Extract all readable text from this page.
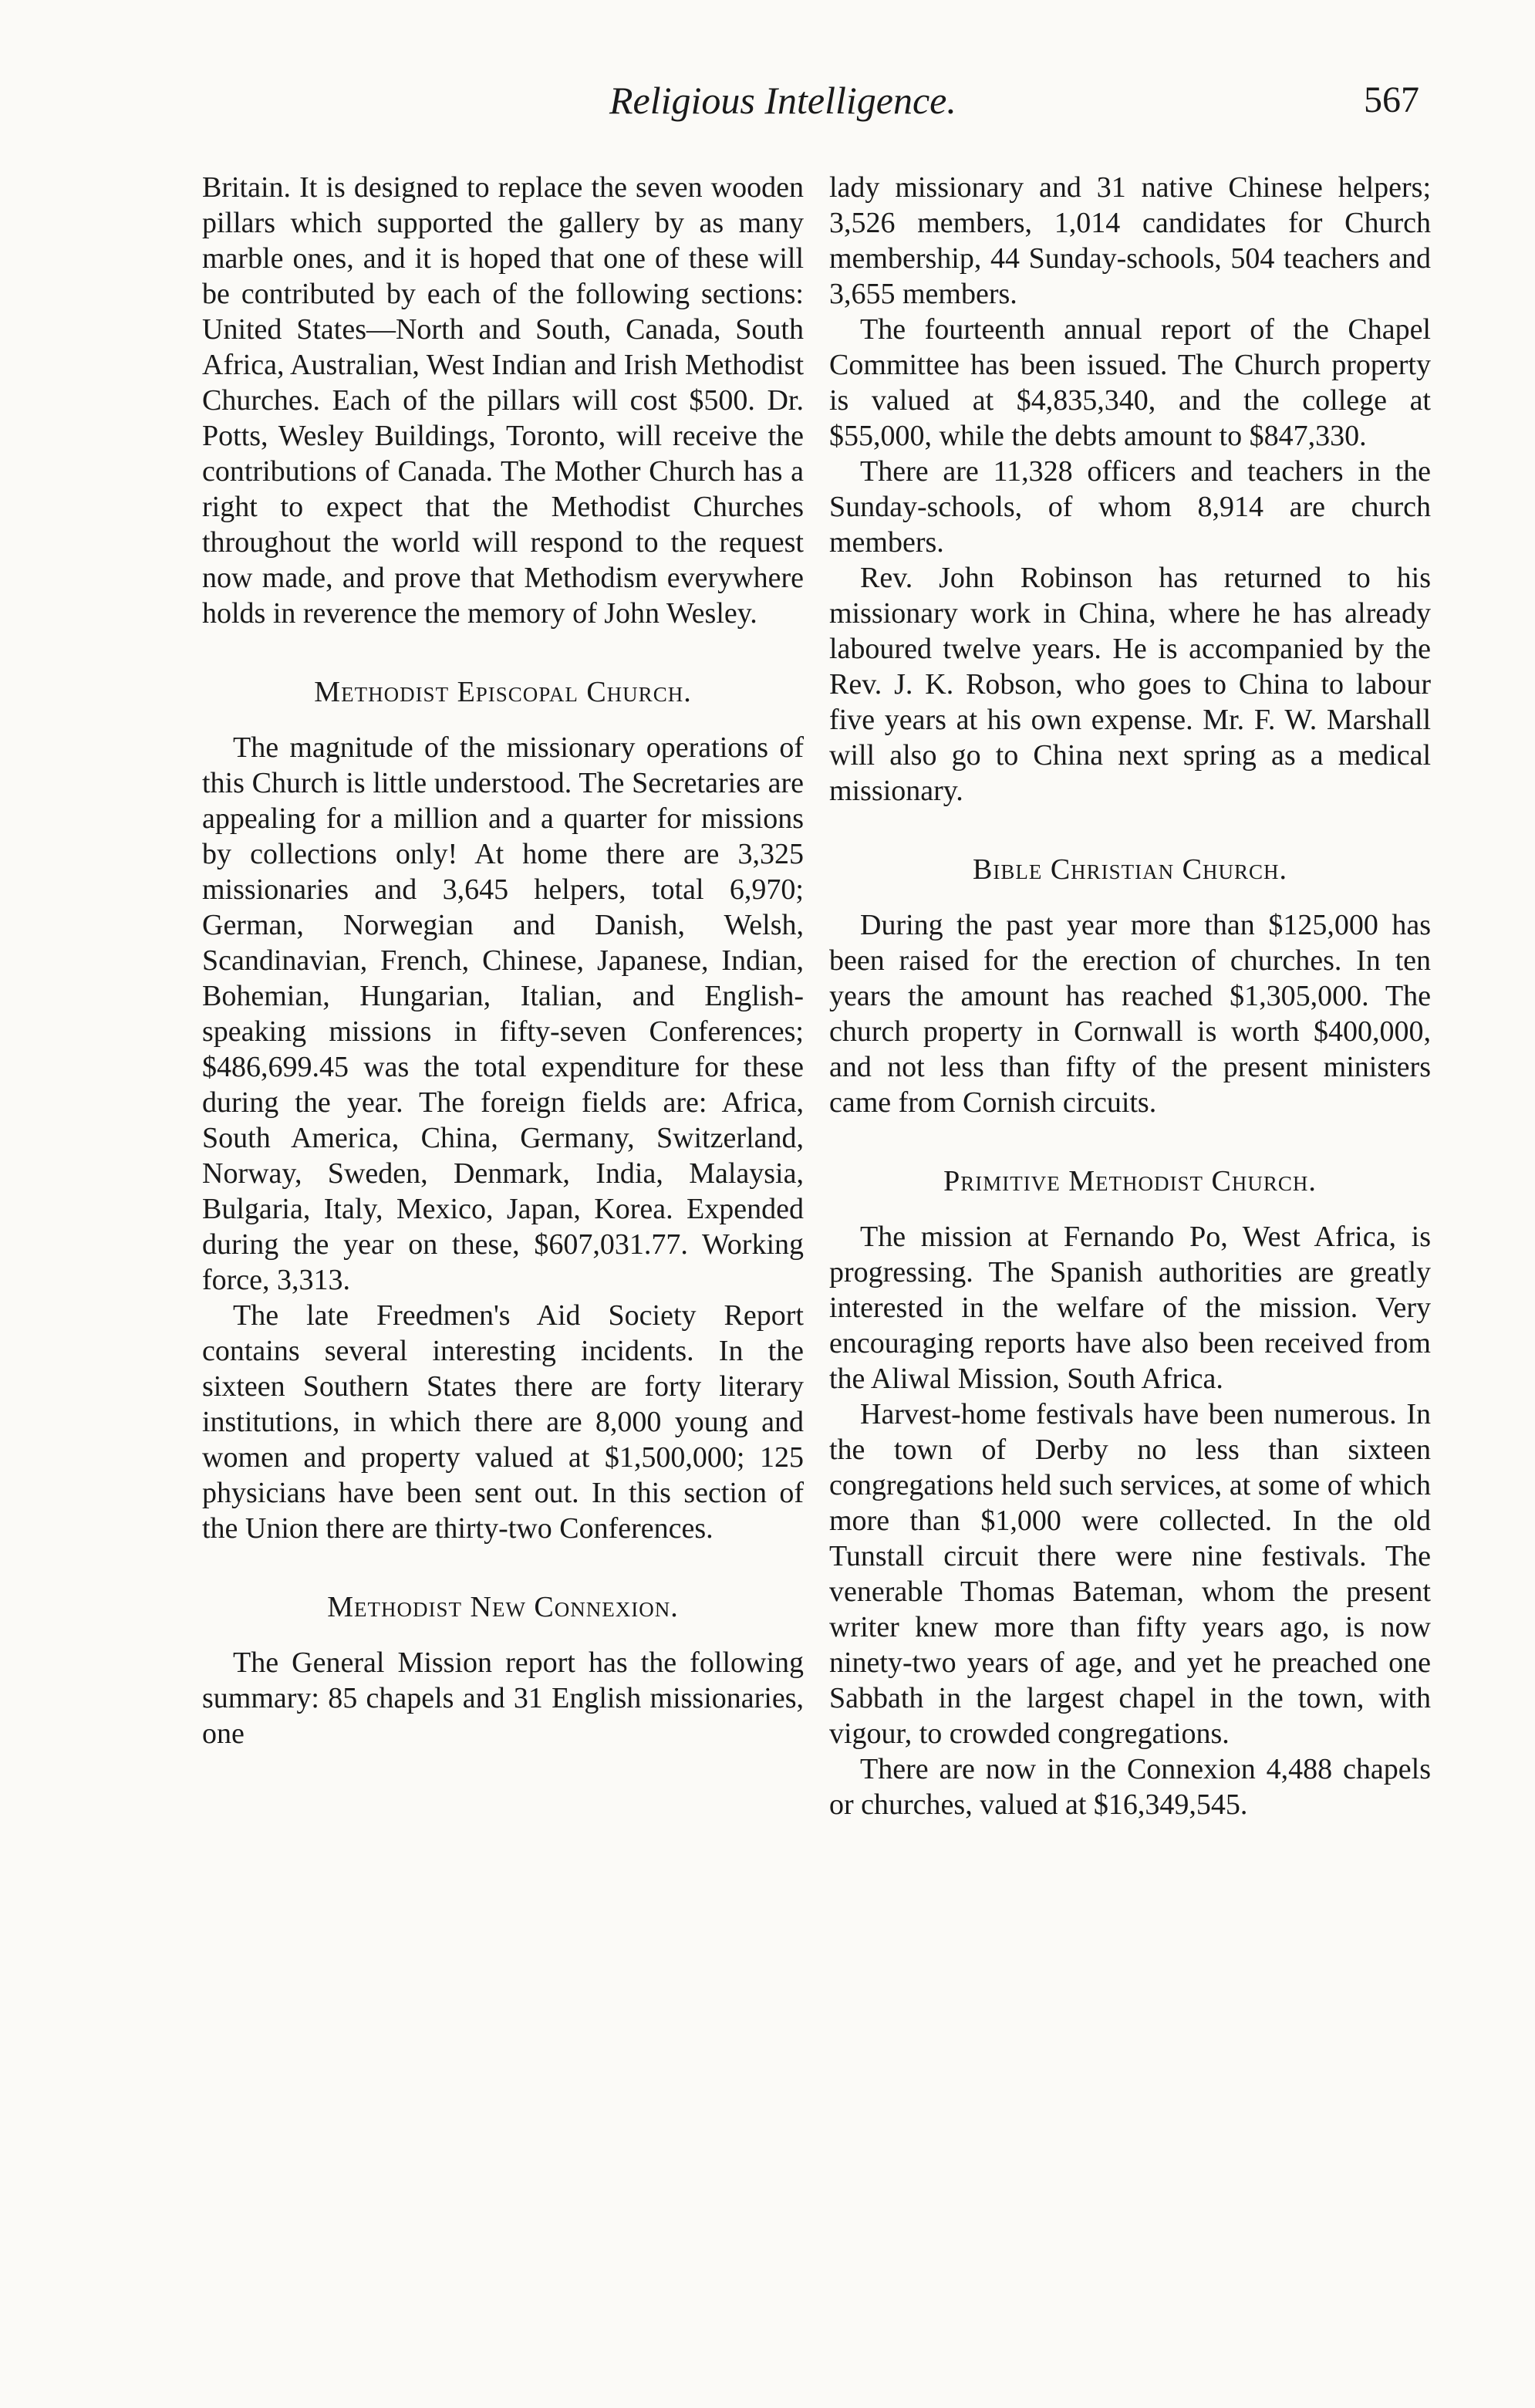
Religious Intelligence.	567

Britain. It is designed to replace the seven wooden pillars which supported the gallery by as many marble ones, and it is hoped that one of these will be contributed by each of the following sections: United States—North and South, Canada, South Africa, Australian, West Indian and Irish Methodist Churches. Each of the pillars will cost $500. Dr. Potts, Wesley Buildings, Toronto, will receive the contributions of Canada. The Mother Church has a right to expect that the Methodist Churches throughout the world will respond to the request now made, and prove that Methodism everywhere holds in reverence the memory of John Wesley.

Methodist Episcopal Church.

The magnitude of the missionary operations of this Church is little understood. The Secretaries are appealing for a million and a quarter for missions by collections only! At home there are 3,325 missionaries and 3,645 helpers, total 6,970; German, Norwegian and Danish, Welsh, Scandinavian, French, Chinese, Japanese, Indian, Bohemian, Hungarian, Italian, and English-speaking missions in fifty-seven Conferences; $486,699.45 was the total expenditure for these during the year. The foreign fields are: Africa, South America, China, Germany, Switzerland, Norway, Sweden, Denmark, India, Malaysia, Bulgaria, Italy, Mexico, Japan, Korea. Expended during the year on these, $607,031.77. Working force, 3,313.

The late Freedmen's Aid Society Report contains several interesting incidents. In the sixteen Southern States there are forty literary institutions, in which there are 8,000 young and women and property valued at $1,500,000; 125 physicians have been sent out. In this section of the Union there are thirty-two Conferences.

Methodist New Connexion.

The General Mission report has the following summary: 85 chapels and 31 English missionaries, one

lady missionary and 31 native Chinese helpers; 3,526 members, 1,014 candidates for Church membership, 44 Sunday-schools, 504 teachers and 3,655 members.

The fourteenth annual report of the Chapel Committee has been issued. The Church property is valued at $4,835,340, and the college at $55,000, while the debts amount to $847,330.

There are 11,328 officers and teachers in the Sunday-schools, of whom 8,914 are church members.

Rev. John Robinson has returned to his missionary work in China, where he has already laboured twelve years. He is accompanied by the Rev. J. K. Robson, who goes to China to labour five years at his own expense. Mr. F. W. Marshall will also go to China next spring as a medical missionary.

Bible Christian Church.

During the past year more than $125,000 has been raised for the erection of churches. In ten years the amount has reached $1,305,000. The church property in Cornwall is worth $400,000, and not less than fifty of the present ministers came from Cornish circuits.

Primitive Methodist Church.

The mission at Fernando Po, West Africa, is progressing. The Spanish authorities are greatly interested in the welfare of the mission. Very encouraging reports have also been received from the Aliwal Mission, South Africa.

Harvest-home festivals have been numerous. In the town of Derby no less than sixteen congregations held such services, at some of which more than $1,000 were collected. In the old Tunstall circuit there were nine festivals. The venerable Thomas Bateman, whom the present writer knew more than fifty years ago, is now ninety-two years of age, and yet he preached one Sabbath in the largest chapel in the town, with vigour, to crowded congregations.

There are now in the Connexion 4,488 chapels or churches, valued at $16,349,545.
